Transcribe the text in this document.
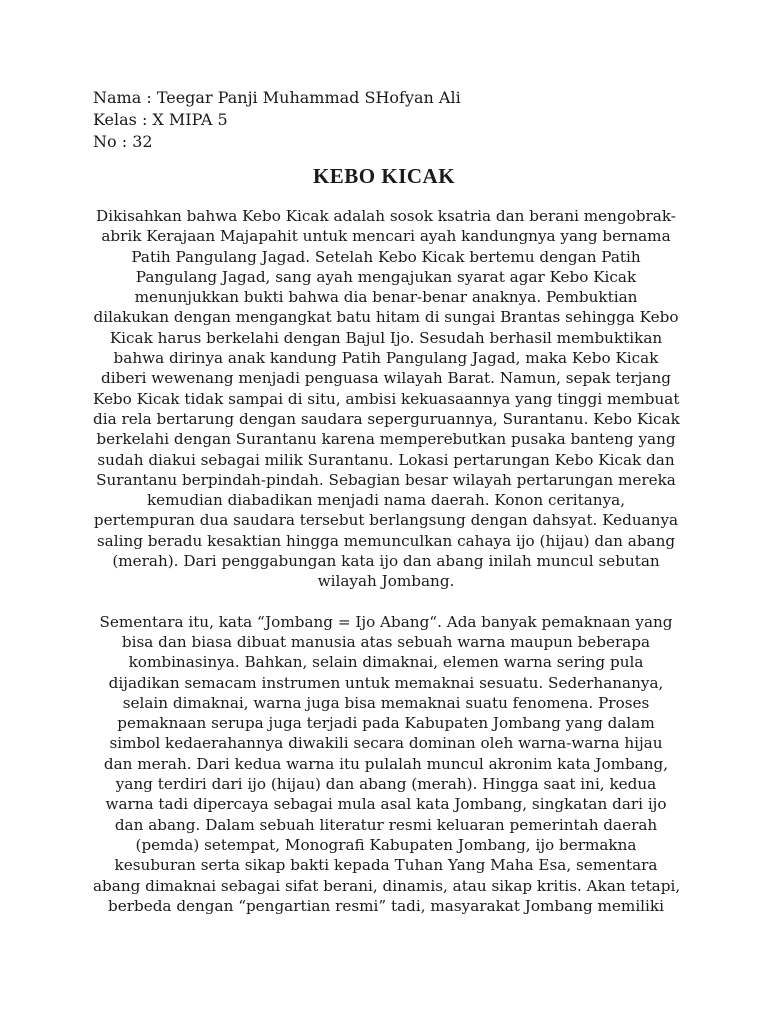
Nama : Teegar Panji Muhammad SHofyan Ali
Kelas : X MIPA 5
No : 32
KEBO KICAK

Dikisahkan bahwa Kebo Kicak adalah sosok ksatria dan berani mengobrak-
abrik Kerajaan Majapahit untuk mencari ayah kandungnya yang bernama
Patih Pangulang Jagad. Setelah Kebo Kicak bertemu dengan Patih
Pangulang Jagad, sang ayah mengajukan syarat agar Kebo Kicak
menunjukkan bukti bahwa dia benar-benar anaknya. Pembuktian
dilakukan dengan mengangkat batu hitam di sungai Brantas sehingga Kebo
Kicak harus berkelahi dengan Bajul Ijo. Sesudah berhasil membuktikan
bahwa dirinya anak kandung Patih Pangulang Jagad, maka Kebo Kicak
diberi wewenang menjadi penguasa wilayah Barat. Namun, sepak terjang
Kebo Kicak tidak sampai di situ, ambisi kekuasaannya yang tinggi membuat
dia rela bertarung dengan saudara seperguruannya, Surantanu. Kebo Kicak
berkelahi dengan Surantanu karena memperebutkan pusaka banteng yang
sudah diakui sebagai milik Surantanu. Lokasi pertarungan Kebo Kicak dan
Surantanu berpindah-pindah. Sebagian besar wilayah pertarungan mereka
kemudian diabadikan menjadi nama daerah. Konon ceritanya,
pertempuran dua saudara tersebut berlangsung dengan dahsyat. Keduanya
saling beradu kesaktian hingga memunculkan cahaya ijo (hijau) dan abang
(merah). Dari penggabungan kata ijo dan abang inilah muncul sebutan
wilayah Jombang.

Sementara itu, kata “Jombang = Ijo Abang“. Ada banyak pemaknaan yang
bisa dan biasa dibuat manusia atas sebuah warna maupun beberapa
kombinasinya. Bahkan, selain dimaknai, elemen warna sering pula
dijadikan semacam instrumen untuk memaknai sesuatu. Sederhananya,
selain dimaknai, warna juga bisa memaknai suatu fenomena. Proses
pemaknaan serupa juga terjadi pada Kabupaten Jombang yang dalam
simbol kedaerahannya diwakili secara dominan oleh warna-warna hijau
dan merah. Dari kedua warna itu pulalah muncul akronim kata Jombang,
yang terdiri dari ijo (hijau) dan abang (merah). Hingga saat ini, kedua
warna tadi dipercaya sebagai mula asal kata Jombang, singkatan dari ijo
dan abang. Dalam sebuah literatur resmi keluaran pemerintah daerah
(pemda) setempat, Monografi Kabupaten Jombang, ijo bermakna
kesuburan serta sikap bakti kepada Tuhan Yang Maha Esa, sementara
abang dimaknai sebagai sifat berani, dinamis, atau sikap kritis. Akan tetapi,
berbeda dengan “pengartian resmi” tadi, masyarakat Jombang memiliki
